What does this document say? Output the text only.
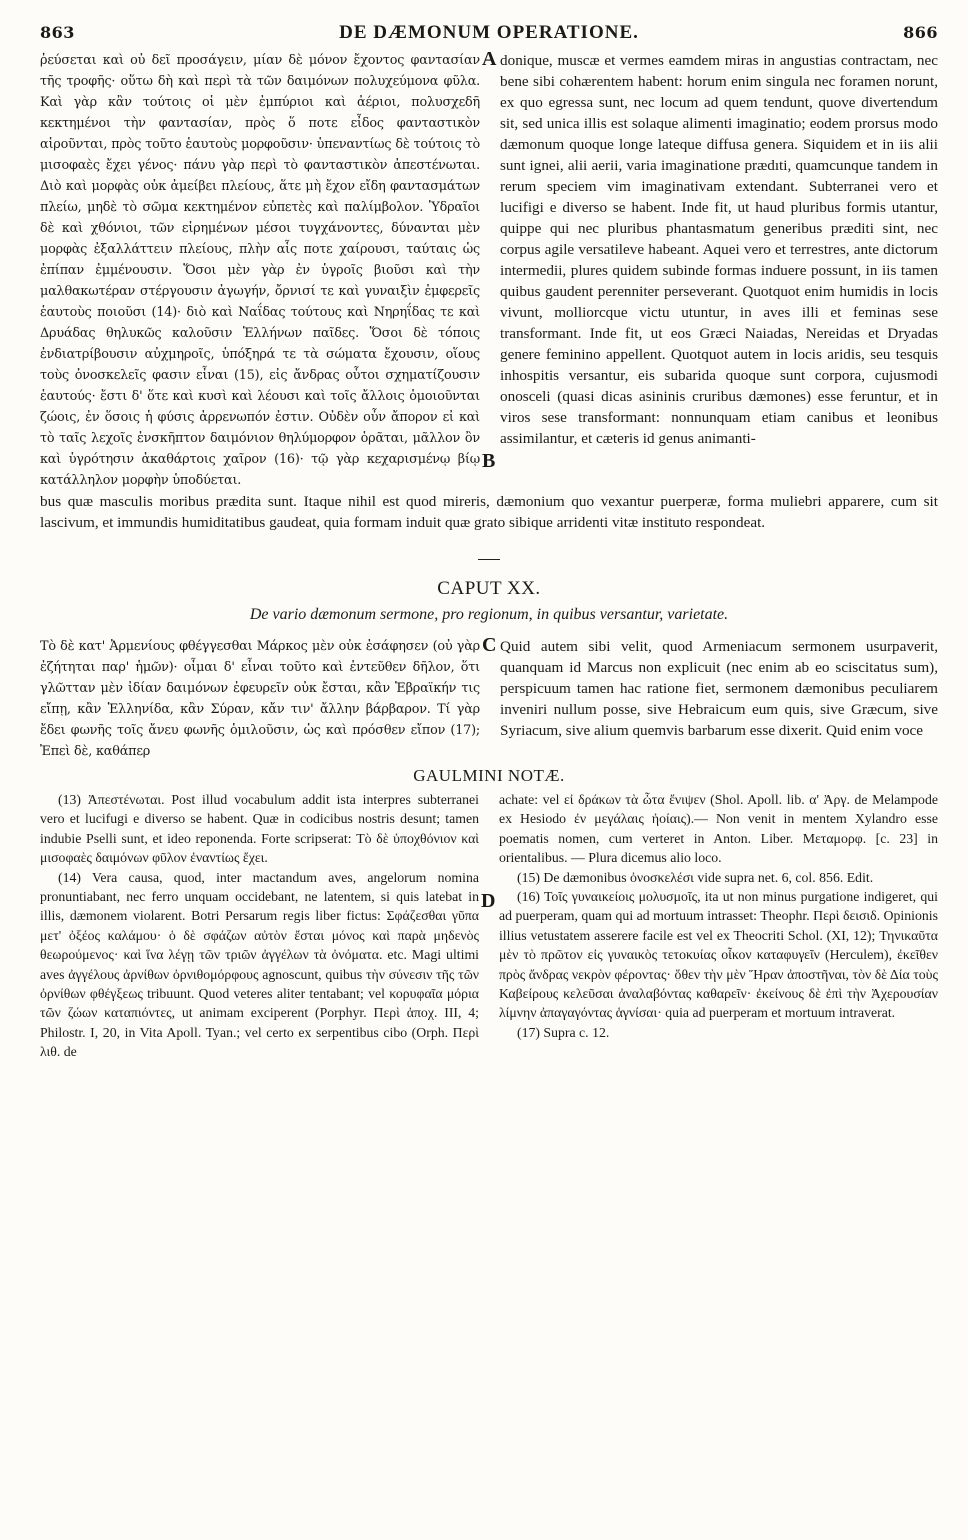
863	DE DÆMONUM OPERATIONE.	866
ῥεύσεται καὶ οὐ δεῖ προσάγειν, μίαν δὲ μόνον ἔχοντος φαντασίαν τῆς τροφῆς· οὕτω δὴ καὶ περὶ τὰ τῶν δαιμόνων πολυχεύμονα φῦλα. Καὶ γὰρ κἂν τούτοις οἱ μὲν ἐμπύριοι καὶ ἀέριοι, πολυσχεδῆ κεκτημένοι τὴν φαντασίαν, πρὸς ὅ ποτε εἶδος φανταστικὸν αἱροῦνται, πρὸς τοῦτο ἑαυτοὺς μορφοῦσιν· ὑπεναντίως δὲ τούτοις τὸ μισοφαὲς ἔχει γένος· πάνυ γὰρ περὶ τὸ φανταστικὸν ἀπεστένωται. Διὸ καὶ μορφὰς οὐκ ἀμείβει πλείους, ἅτε μὴ ἔχον εἴδη φαντασμάτων πλείω, μηδὲ τὸ σῶμα κεκτημένον εὐπετὲς καὶ παλίμβολον. Ὑδραῖοι δὲ καὶ χθόνιοι, τῶν εἰρημένων μέσοι τυγχάνοντες, δύνανται μὲν μορφὰς ἐξαλλάττειν πλείους, πλὴν αἷς ποτε χαίρουσι, ταύταις ὡς ἐπίπαν ἐμμένουσιν. Ὅσοι μὲν γὰρ ἐν ὑγροῖς βιοῦσι καὶ τὴν μαλθακωτέραν στέργουσιν ἀγωγήν, ὄρνισί τε καὶ γυναιξὶν ἐμφερεῖς ἑαυτοὺς ποιοῦσι (14)· διὸ καὶ Ναΐδας τούτους καὶ Νηρηΐδας τε καὶ Δρυάδας θηλυκῶς καλοῦσιν Ἑλλήνων παῖδες. Ὅσοι δὲ τόποις ἐνδιατρίβουσιν αὐχμηροῖς, ὑπόξηρά τε τὰ σώματα ἔχουσιν, οἵους τοὺς ὀνοσκελεῖς φασιν εἶναι (15), εἰς ἄνδρας οὗτοι σχηματίζουσιν ἑαυτούς· ἔστι δ' ὅτε καὶ κυσὶ καὶ λέουσι καὶ τοῖς ἄλλοις ὁμοιοῦνται ζώοις, ἐν ὅσοις ἡ φύσις ἀρρενωπόν ἐστιν. Οὐδὲν οὖν ἄπορον εἰ καὶ τὸ ταῖς λεχοῖς ἐνσκῆπτον δαιμόνιον θηλύμορφον ὁρᾶται, μᾶλλον ὂν καὶ ὑγρότησιν ἀκαθάρτοις χαῖρον (16)· τῷ γὰρ κεχαρισμένῳ βίῳ κατάλληλον μορφὴν ὑποδύεται.
A
B
donique, muscæ et vermes eamdem miras in angustias contractam, nec bene sibi cohærentem habent: horum enim singula nec foramen norunt, ex quo egressa sunt, nec locum ad quem tendunt, quove divertendum sit, sed unica illis est solaque alimenti imaginatio; eodem prorsus modo dæmonum quoque longe lateque diffusa genera. Siquidem et in iis alii sunt ignei, alii aerii, varia imaginatione prædıti, quamcunque tandem in rerum speciem vim imaginativam extendant. Subterranei vero et lucifigi e diverso se habent. Inde fit, ut haud pluribus formis utantur, quippe qui nec pluribus phantasmatum generibus præditi sint, nec corpus agile versatileve habeant. Aquei vero et terrestres, ante dictorum intermedii, plures quidem subinde formas induere possunt, in iis tamen quibus gaudent perenniter perseverant. Quotquot enim humidis in locis vivunt, molliorcque victu utuntur, in aves illi et feminas sese transformant. Inde fit, ut eos Græci Naiadas, Nereidas et Dryadas genere feminino appellent. Quotquot autem in locis aridis, seu tesquis inhospitis versantur, eis subarida quoque sunt corpora, cujusmodi onosceli (quasi dicas asininis cruribus dæmones) esse feruntur, et in viros sese transformant: nonnunquam etiam canibus et leonibus assimilantur, et cæteris id genus animanti-
bus quæ masculis moribus prædita sunt. Itaque nihil est quod mireris, dæmonium quo vexantur puerperæ, forma muliebri apparere, cum sit lascivum, et immundis humiditatibus gaudeat, quia formam induit quæ grato sibique arridenti vitæ instituto respondeat.
CAPUT XX.
De vario dæmonum sermone, pro regionum, in quibus versantur, varietate.
Τὸ δὲ κατ' Ἀρμενίους φθέγγεσθαι Μάρκος μὲν οὐκ ἐσάφησεν (οὐ γὰρ ἐζήτηται παρ' ἡμῶν)· οἶμαι δ' εἶναι τοῦτο καὶ ἐντεῦθεν δῆλον, ὅτι γλῶτταν μὲν ἰδίαν δαιμόνων ἐφευρεῖν οὐκ ἔσται, κἂν Ἑβραϊκήν τις εἴπῃ, κἂν Ἑλληνίδα, κἂν Σύραν, κἄν τιν' ἄλλην βάρβαρον. Τί γὰρ ἔδει φωνῆς τοῖς ἄνευ φωνῆς ὁμιλοῦσιν, ὡς καὶ πρόσθεν εἴπον (17); Ἐπεὶ δὲ, καθάπερ
C Quid autem sibi velit, quod Armeniacum sermonem usurpaverit, quanquam id Marcus non explicuit (nec enim ab eo sciscitatus sum), perspicuum tamen hac ratione fiet, sermonem dæmonibus peculiarem inveniri nullum posse, sive Hebraicum eum quis, sive Græcum, sive Syriacum, sive alium quemvis barbarum esse dixerit. Quid enim voce
GAULMINI NOTÆ.

(13) Ἀπεστένωται. Post illud vocabulum addit ista interpres subterranei vero et lucifugi e diverso se habent. Quæ in codicibus nostris desunt; tamen indubie Pselli sunt, et ideo reponenda. Forte scripserat: Τὸ δὲ ὑποχθόνιον καὶ μισοφαὲς δαιμόνων φῦλον ἐναντίως ἔχει.

(14) Vera causa, quod, inter mactandum aves, angelorum nomina pronuntiabant, nec ferro unquam occidebant, ne latentem, si quis latebat in illis, dæmonem violarent. Botri Persarum regis liber fictus: Σφάζεσθαι γῦπα μετ' ὀξέος καλάμου· ὁ δὲ σφάζων αὐτὸν ἔσται μόνος καὶ παρὰ μηδενὸς θεωρούμενος· καὶ ἵνα λέγῃ τῶν τριῶν ἀγγέλων τὰ ὀνόματα. etc. Magi ultimi aves ἀγγέλους ἀρνίθων ὀρνιθομόρφους agnoscunt, quibus τὴν σύνεσιν τῆς τῶν ὀρνίθων φθέγξεως tribuunt. Quod veteres aliter tentabant; vel κορυφαῖα μόρια τῶν ζώων καταπιόντες, ut animam exciperent (Porphyr. Περὶ ἀποχ. III, 4; Philostr. I, 20, in Vita Apoll. Tyan.; vel certo ex serpentibus cibo (Orph. Περὶ λιθ. de

D

achate: vel εἰ δράκων τὰ ὦτα ἔνιψεν (Shol. Apoll. lib. α' Ἀργ. de Melampode ex Hesiodo ἐν μεγάλαις ἠοίαις).— Non venit in mentem Xylandro esse poematis nomen, cum verteret in Anton. Liber. Μεταμορφ. [c. 23] in orientalibus. — Plura dicemus alio loco.

(15) De dæmonibus ὀνοσκελέσι vide supra net. 6, col. 856. Edit.

(16) Τοῖς γυναικείοις μολυσμοῖς, ita ut non minus purgatione indigeret, qui ad puerperam, quam qui ad mortuum intrasset: Theophr. Περὶ δεισιδ. Opinionis illius vetustatem asserere facile est vel ex Theocriti Schol. (XI, 12); Τηνικαῦτα μὲν τὸ πρῶτον εἰς γυναικὸς τετοκυίας οἶκον καταφυγεῖν (Herculem), ἐκεῖθεν πρὸς ἄνδρας νεκρὸν φέροντας· ὅθεν τὴν μὲν Ἥραν ἀποστῆναι, τὸν δὲ Δία τοὺς Καβείρους κελεῦσαι ἀναλαβόντας καθαρεῖν· ἐκείνους δὲ ἐπὶ τὴν Ἀχερουσίαν λίμνην ἀπαγαγόντας ἁγνίσαι· quia ad puerperam et mortuum intraverat.

(17) Supra c. 12.
